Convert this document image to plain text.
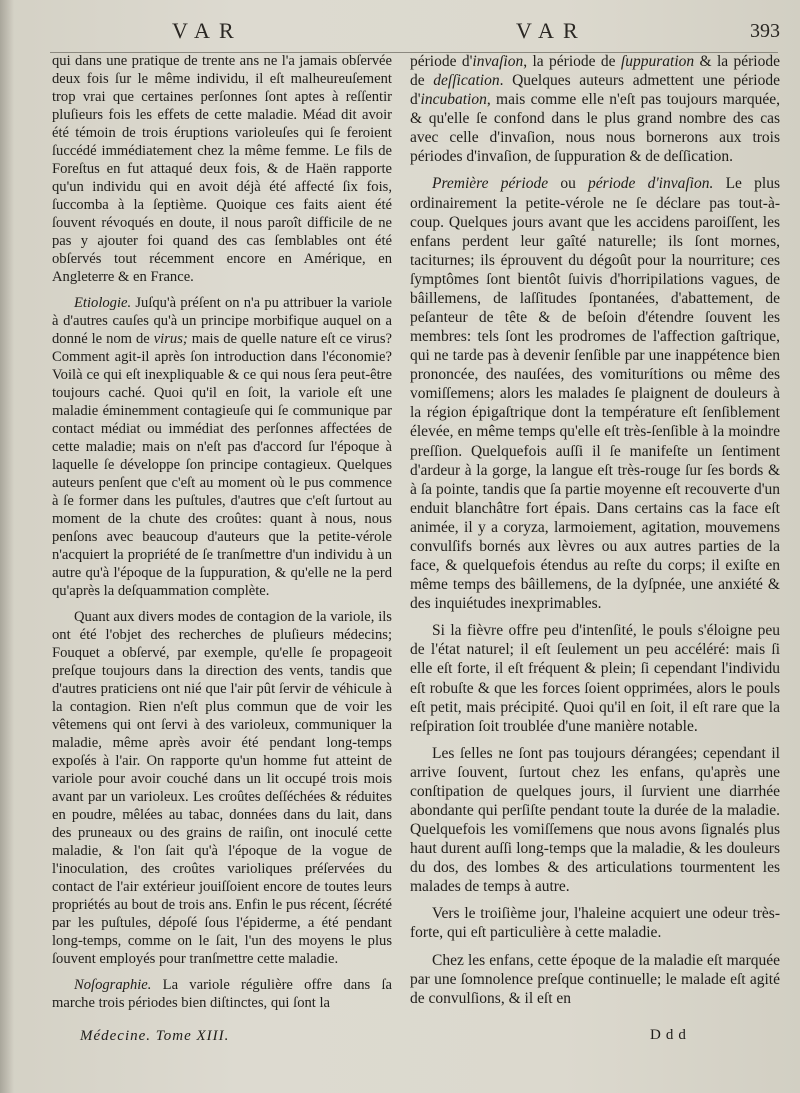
VAR	VAR	393

qui dans une pratique de trente ans ne l'a jamais obſervée deux fois ſur le même individu, il eſt malheureuſement trop vrai que certaines perſonnes ſont aptes à reſſentir pluſieurs fois les effets de cette maladie. Méad dit avoir été témoin de trois éruptions varioleuſes qui ſe feroient ſuccédé immédiatement chez la même femme. Le fils de Foreſtus en fut attaqué deux fois, & de Haën rapporte qu'un individu qui en avoit déjà été affecté ſix fois, ſuccomba à la ſeptième. Quoique ces faits aient été ſouvent révoqués en doute, il nous paroît difficile de ne pas y ajouter foi quand des cas ſemblables ont été obſervés tout récemment encore en Amérique, en Angleterre & en France.

Etiologie. Juſqu'à préſent on n'a pu attribuer la variole à d'autres cauſes qu'à un principe morbifique auquel on a donné le nom de virus; mais de quelle nature eſt ce virus? Comment agit-il après ſon introduction dans l'économie? Voilà ce qui eſt inexpliquable & ce qui nous ſera peut-être toujours caché. Quoi qu'il en ſoit, la variole eſt une maladie éminemment contagieuſe qui ſe communique par contact médiat ou immédiat des perſonnes affectées de cette maladie; mais on n'eſt pas d'accord ſur l'époque à laquelle ſe développe ſon principe contagieux. Quelques auteurs penſent que c'eſt au moment où le pus commence à ſe former dans les puſtules, d'autres que c'eſt ſurtout au moment de la chute des croûtes: quant à nous, nous penſons avec beaucoup d'auteurs que la petite-vérole n'acquiert la propriété de ſe tranſmettre d'un individu à un autre qu'à l'époque de la ſuppuration, & qu'elle ne la perd qu'après la deſquammation complète.

Quant aux divers modes de contagion de la variole, ils ont été l'objet des recherches de pluſieurs médecins; Fouquet a obſervé, par exemple, qu'elle ſe propageoit preſque toujours dans la direction des vents, tandis que d'autres praticiens ont nié que l'air pût ſervir de véhicule à la contagion. Rien n'eſt plus commun que de voir les vêtemens qui ont ſervi à des varioleux, communiquer la maladie, même après avoir été pendant long-temps expoſés à l'air. On rapporte qu'un homme fut atteint de variole pour avoir couché dans un lit occupé trois mois avant par un varioleux. Les croûtes deſſéchées & réduites en poudre, mêlées au tabac, données dans du lait, dans des pruneaux ou des grains de raiſin, ont inoculé cette maladie, & l'on ſait qu'à l'époque de la vogue de l'inoculation, des croûtes varioliques préſervées du contact de l'air extérieur jouiſſoient encore de toutes leurs propriétés au bout de trois ans. Enfin le pus récent, ſécrété par les puſtules, dépoſé ſous l'épiderme, a été pendant long-temps, comme on le ſait, l'un des moyens le plus ſouvent employés pour tranſmettre cette maladie.

Noſographie. La variole régulière offre dans ſa marche trois périodes bien diſtinctes, qui ſont la

période d'invaſion, la période de ſuppuration & la période de deſſication. Quelques auteurs admettent une période d'incubation, mais comme elle n'eſt pas toujours marquée, & qu'elle ſe confond dans le plus grand nombre des cas avec celle d'invaſion, nous nous bornerons aux trois périodes d'invaſion, de ſuppuration & de deſſication.

Première période ou période d'invaſion. Le plus ordinairement la petite-vérole ne ſe déclare pas tout-à-coup. Quelques jours avant que les accidens paroiſſent, les enfans perdent leur gaîté naturelle; ils ſont mornes, taciturnes; ils éprouvent du dégoût pour la nourriture; ces ſymptômes ſont bientôt ſuivis d'horripilations vagues, de bâillemens, de laſſitudes ſpontanées, d'abattement, de peſanteur de tête & de beſoin d'étendre ſouvent les membres: tels ſont les prodromes de l'affection gaſtrique, qui ne tarde pas à devenir ſenſible par une inappétence bien prononcée, des nauſées, des vomiturítions ou même des vomiſſemens; alors les malades ſe plaignent de douleurs à la région épigaſtrique dont la température eſt ſenſiblement élevée, en même temps qu'elle eſt très-ſenſible à la moindre preſſion. Quelquefois auſſi il ſe manifeſte un ſentiment d'ardeur à la gorge, la langue eſt très-rouge ſur ſes bords & à ſa pointe, tandis que ſa partie moyenne eſt recouverte d'un enduit blanchâtre fort épais. Dans certains cas la face eſt animée, il y a coryza, larmoiement, agitation, mouvemens convulſifs bornés aux lèvres ou aux autres parties de la face, & quelquefois étendus au reſte du corps; il exiſte en même temps des bâillemens, de la dyſpnée, une anxiété & des inquiétudes inexprimables.

Si la fièvre offre peu d'intenſité, le pouls s'éloigne peu de l'état naturel; il eſt ſeulement un peu accéléré: mais ſi elle eſt forte, il eſt fréquent & plein; ſi cependant l'individu eſt robuſte & que les forces ſoient opprimées, alors le pouls eſt petit, mais précipité. Quoi qu'il en ſoit, il eſt rare que la reſpiration ſoit troublée d'une manière notable.

Les ſelles ne ſont pas toujours dérangées; cependant il arrive ſouvent, ſurtout chez les enfans, qu'après une conſtipation de quelques jours, il ſurvient une diarrhée abondante qui perſiſte pendant toute la durée de la maladie. Quelquefois les vomiſſemens que nous avons ſignalés plus haut durent auſſi long-temps que la maladie, & les douleurs du dos, des lombes & des articulations tourmentent les malades de temps à autre.

Vers le troiſième jour, l'haleine acquiert une odeur très-forte, qui eſt particulière à cette maladie.

Chez les enfans, cette époque de la maladie eſt marquée par une ſomnolence preſque continuelle; le malade eſt agité de convulſions, & il eſt en

Médecine. Tome XIII.	Ddd
